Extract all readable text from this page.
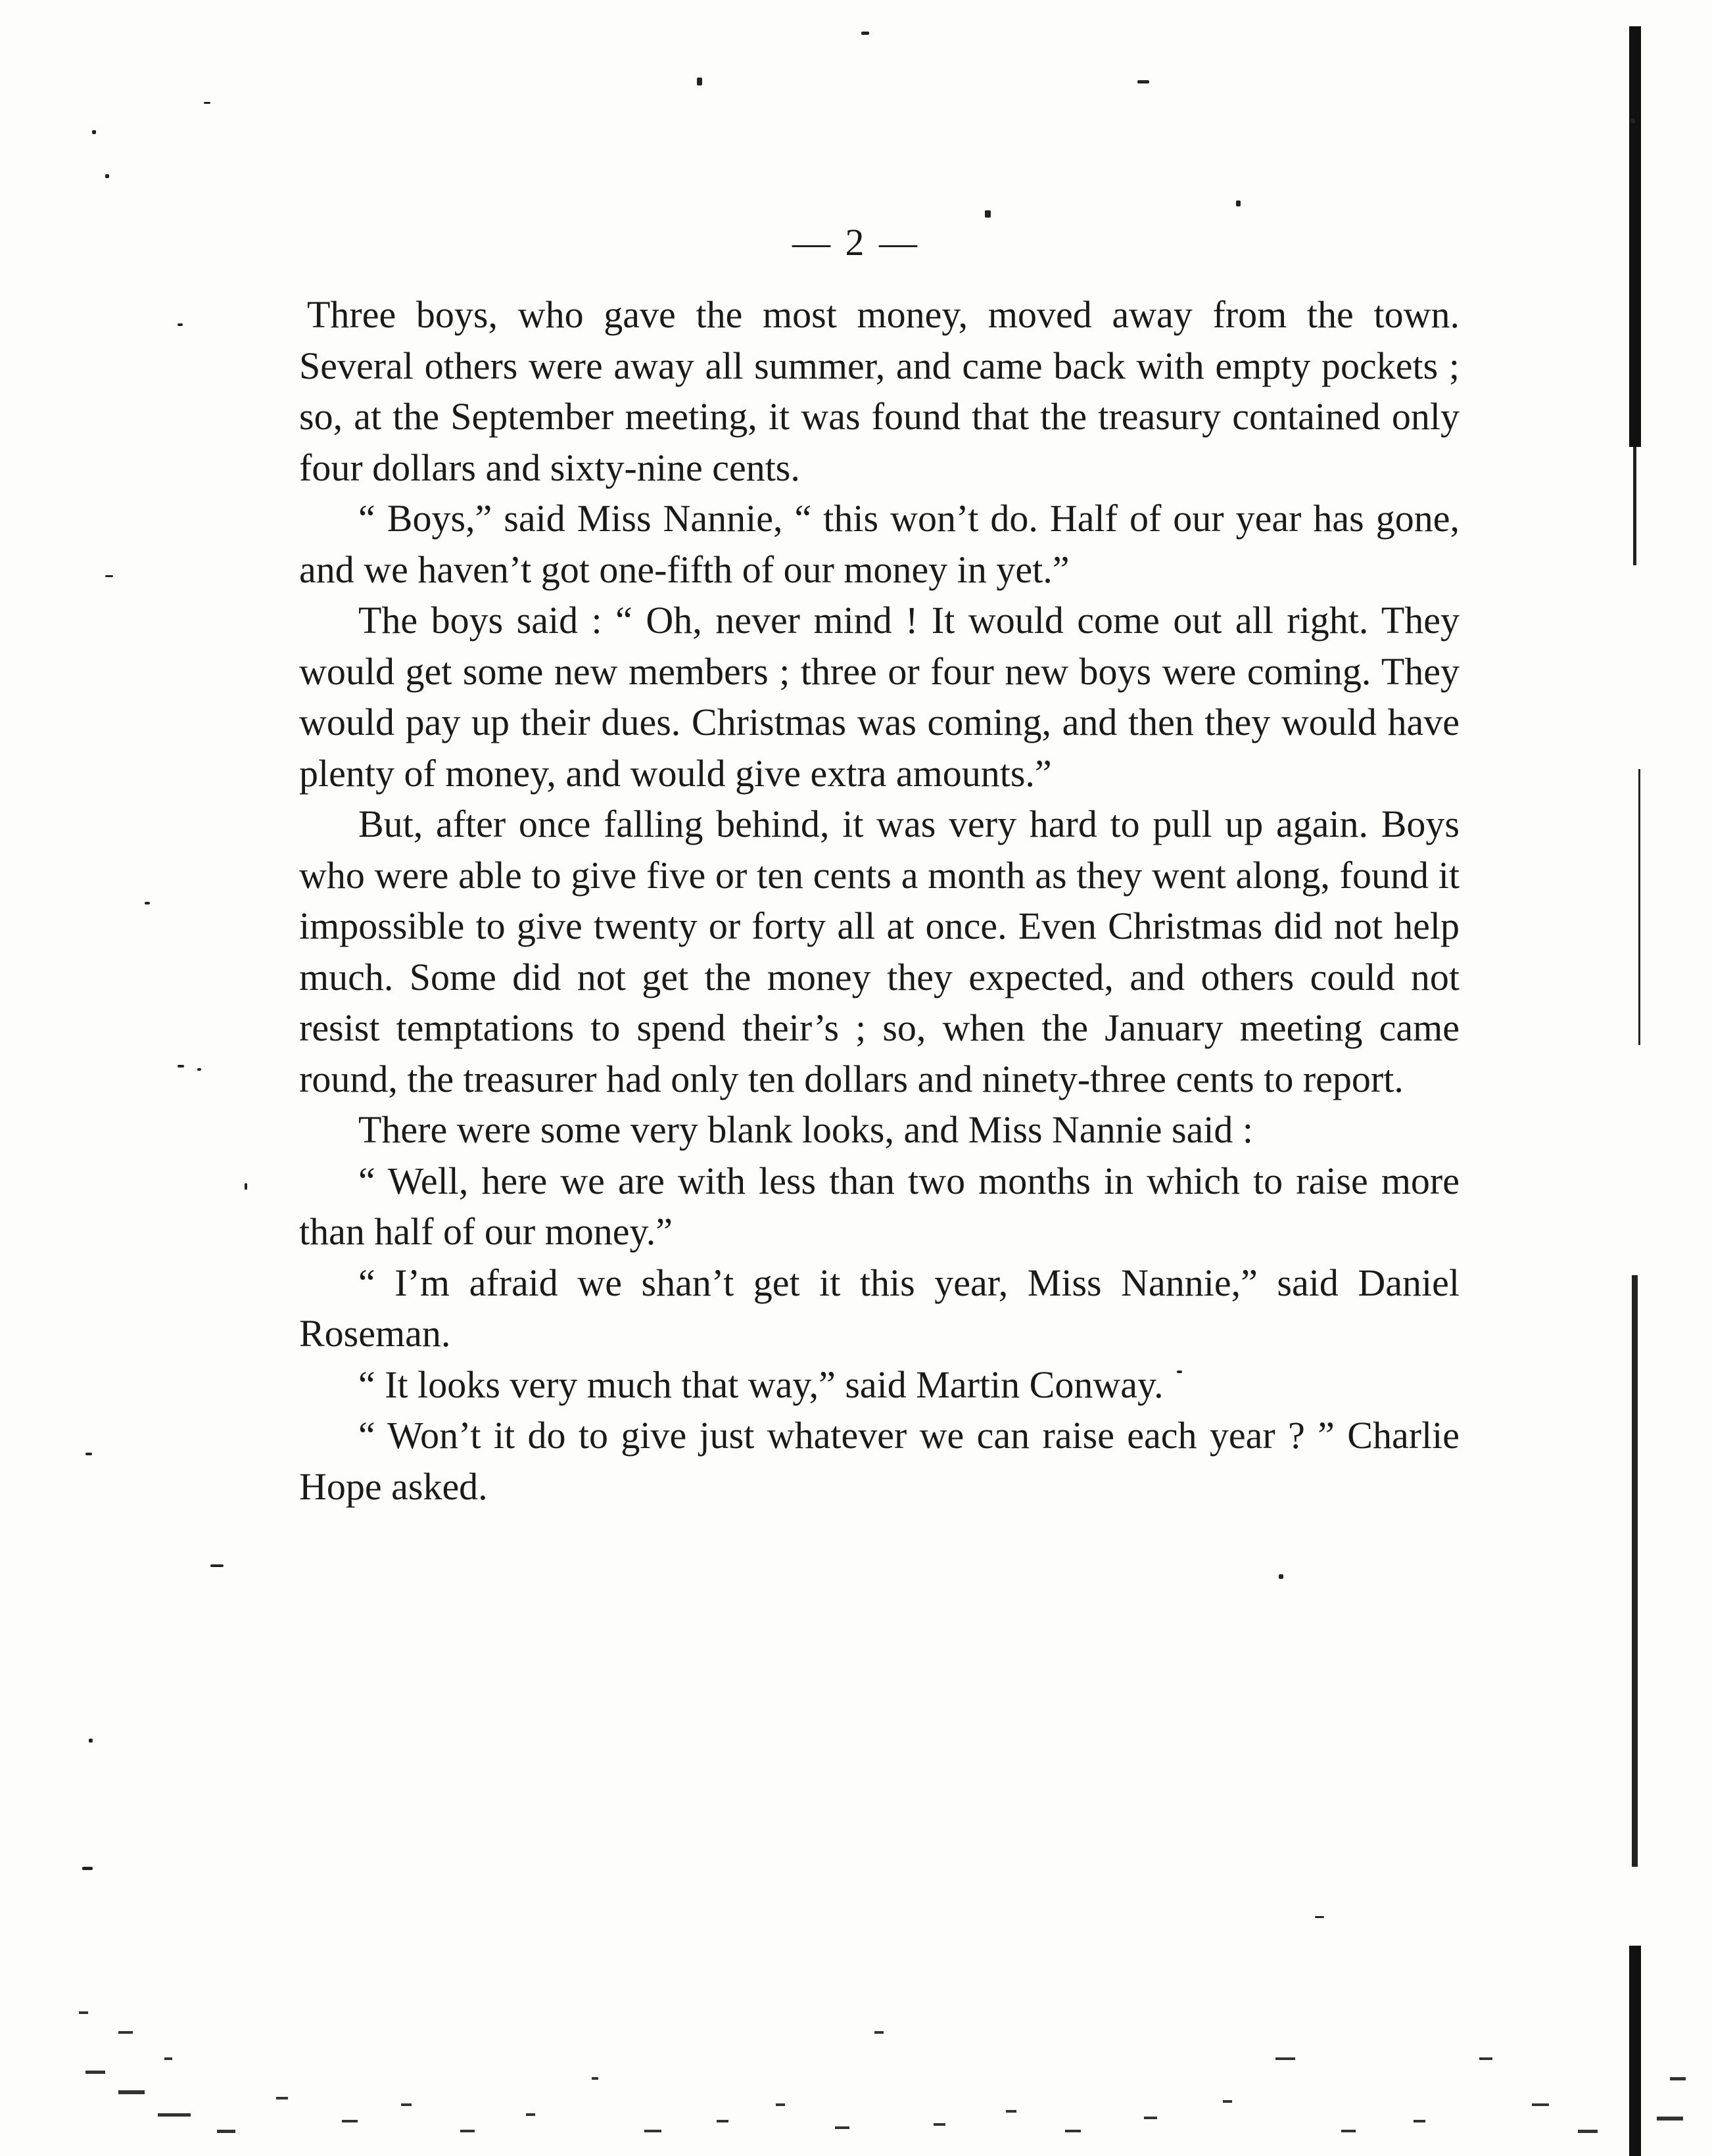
— 2 —

Three boys, who gave the most money, moved away from the town. Several others were away all summer, and came back with empty pockets ; so, at the September meeting, it was found that the treasury contained only four dollars and sixty-nine cents.

“ Boys,” said Miss Nannie, “ this won’t do. Half of our year has gone, and we haven’t got one-fifth of our money in yet.”

The boys said : “ Oh, never mind ! It would come out all right. They would get some new members ; three or four new boys were coming. They would pay up their dues. Christmas was coming, and then they would have plenty of money, and would give extra amounts.”

But, after once falling behind, it was very hard to pull up again. Boys who were able to give five or ten cents a month as they went along, found it impossible to give twenty or forty all at once. Even Christmas did not help much. Some did not get the money they expected, and others could not resist temptations to spend their’s ; so, when the January meeting came round, the treasurer had only ten dollars and ninety-three cents to report.

There were some very blank looks, and Miss Nannie said :

“ Well, here we are with less than two months in which to raise more than half of our money.”

“ I’m afraid we shan’t get it this year, Miss Nannie,” said Daniel Roseman.

“ It looks very much that way,” said Martin Conway.

“ Won’t it do to give just whatever we can raise each year ? ” Charlie Hope asked.
